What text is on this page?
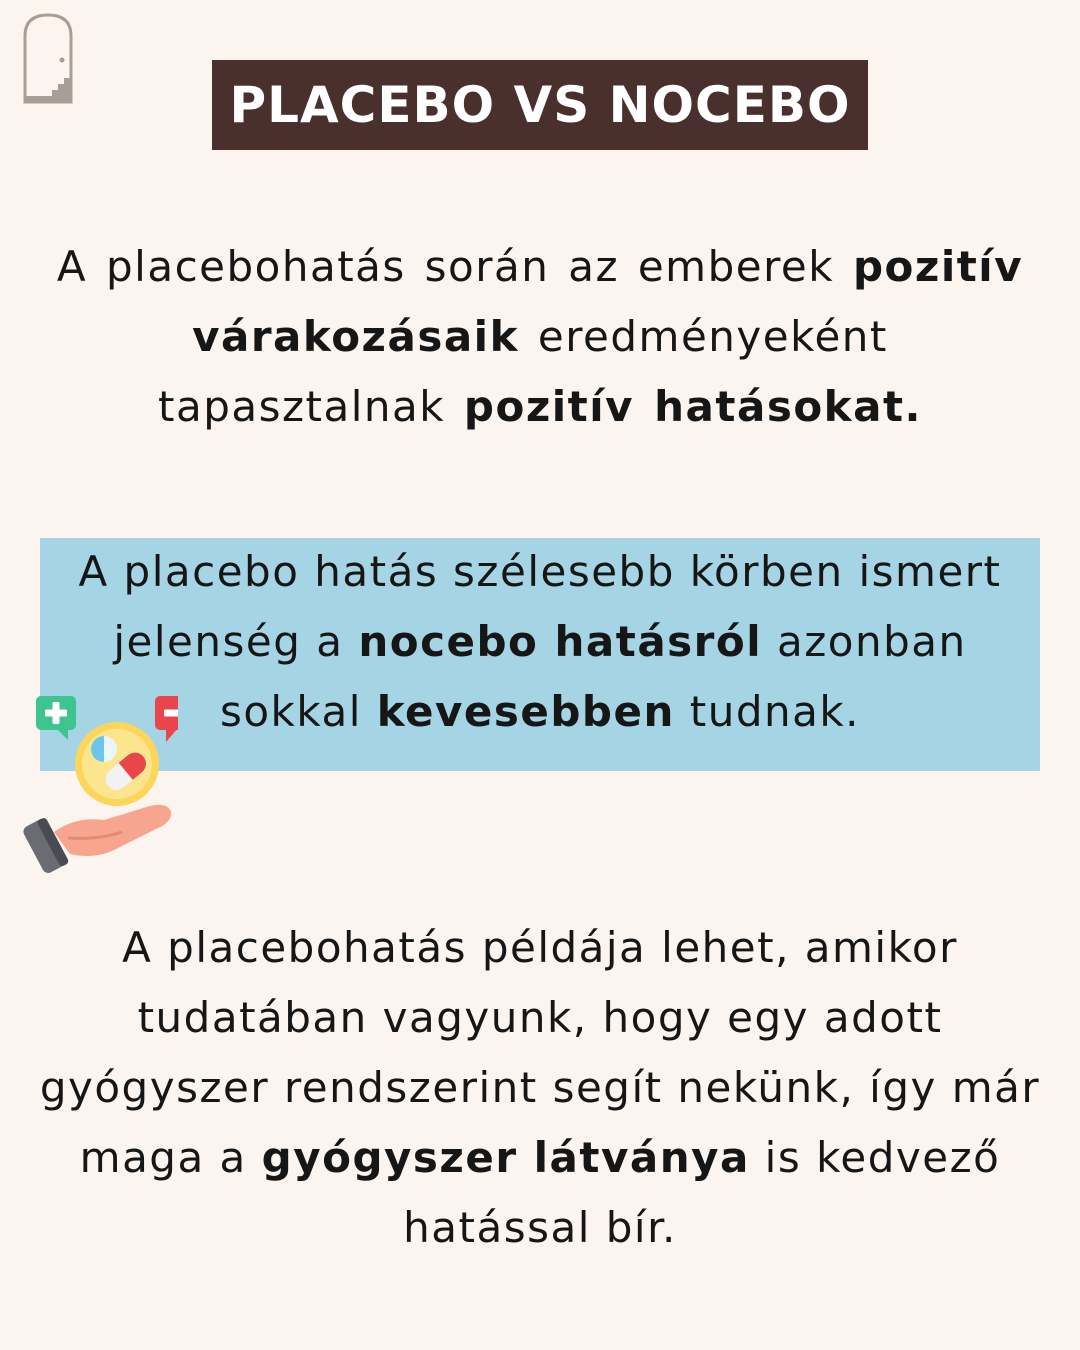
PLACEBO VS NOCEBO
A placebohatás során az emberek pozitív várakozásaik eredményeként tapasztalnak pozitív hatásokat.
A placebo hatás szélesebb körben ismert jelenség a nocebo hatásról azonban sokkal kevesebben tudnak.
A placebohatás példája lehet, amikor tudatában vagyunk, hogy egy adott gyógyszer rendszerint segít nekünk, így már maga a gyógyszer látványa is kedvező hatással bír.
